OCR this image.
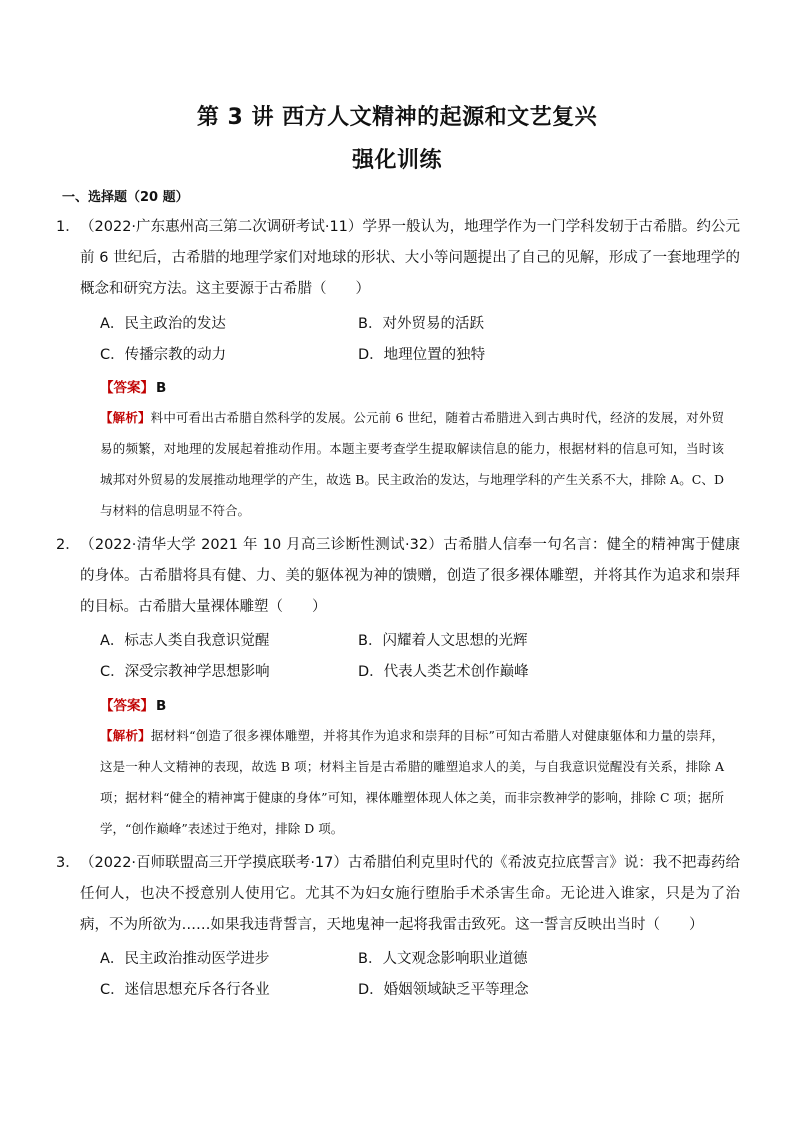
第 3 讲 西方人文精神的起源和文艺复兴
强化训练
一、选择题（20 题）
1． （2022·广东惠州高三第二次调研考试·11）学界一般认为，地理学作为一门学科发轫于古希腊。约公元前 6 世纪后，古希腊的地理学家们对地球的形状、大小等问题提出了自己的见解，形成了一套地理学的概念和研究方法。这主要源于古希腊（　　）

A．民主政治的发达	B．对外贸易的活跃
C．传播宗教的动力	D．地理位置的独特
【答案】 B
【解析】料中可看出古希腊自然科学的发展。公元前 6 世纪，随着古希腊进入到古典时代，经济的发展，对外贸易的频繁，对地理的发展起着推动作用。本题主要考查学生提取解读信息的能力，根据材料的信息可知，当时该城邦对外贸易的发展推动地理学的产生，故选 B。民主政治的发达，与地理学科的产生关系不大，排除 A。C、D 与材料的信息明显不符合。
2． （2022·清华大学 2021 年 10 月高三诊断性测试·32）古希腊人信奉一句名言：健全的精神寓于健康的身体。古希腊将具有健、力、美的躯体视为神的馈赠，创造了很多裸体雕塑，并将其作为追求和崇拜的目标。古希腊大量裸体雕塑（　　）

A．标志人类自我意识觉醒	B．闪耀着人文思想的光辉
C．深受宗教神学思想影响	D．代表人类艺术创作巅峰
【答案】 B
【解析】据材料“创造了很多裸体雕塑，并将其作为追求和崇拜的目标”可知古希腊人对健康躯体和力量的崇拜，这是一种人文精神的表现，故选 B 项；材料主旨是古希腊的雕塑追求人的美，与自我意识觉醒没有关系，排除 A 项；据材料“健全的精神寓于健康的身体”可知，裸体雕塑体现人体之美，而非宗教神学的影响，排除 C 项；据所学，“创作巅峰”表述过于绝对，排除 D 项。
3． （2022·百师联盟高三开学摸底联考·17）古希腊伯利克里时代的《希波克拉底誓言》说：我不把毒药给任何人，也决不授意别人使用它。尤其不为妇女施行堕胎手术杀害生命。无论进入谁家，只是为了治病，不为所欲为……如果我违背誓言，天地鬼神一起将我雷击致死。这一誓言反映出当时（　　）

A．民主政治推动医学进步	B．人文观念影响职业道德
C．迷信思想充斥各行各业	D．婚姻领域缺乏平等理念
